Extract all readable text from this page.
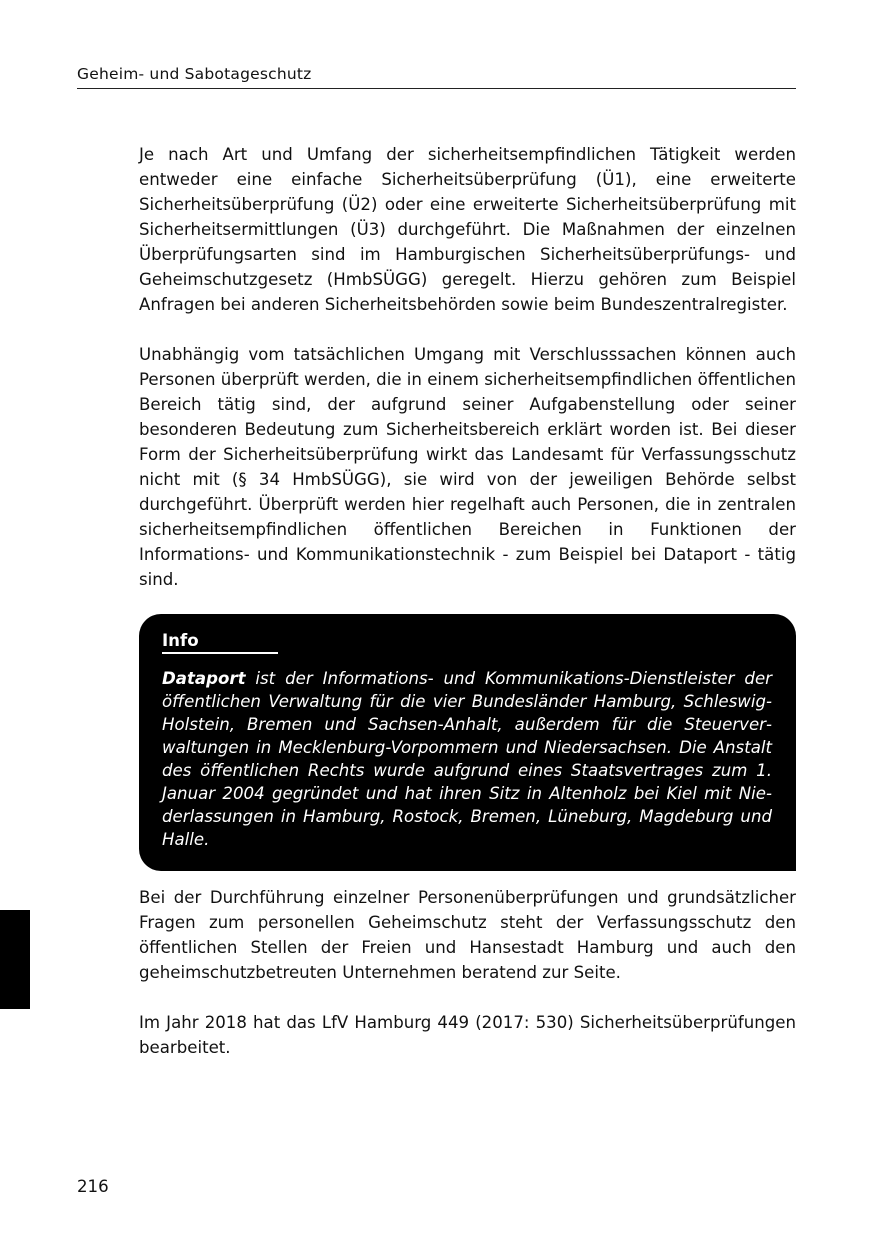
Geheim- und Sabotageschutz

Je nach Art und Umfang der sicherheitsempfindlichen Tätigkeit werden entweder eine einfache Sicherheitsüberprüfung (Ü1), eine erweiterte Sicherheitsüberprüfung (Ü2) oder eine erweiterte Sicherheitsüberprüfung mit Sicherheitsermittlungen (Ü3) durchgeführt. Die Maßnahmen der einzelnen Überprüfungsarten sind im Hamburgischen Sicherheitsüberprüfungs- und Geheimschutzgesetz (HmbSÜGG) geregelt. Hierzu gehören zum Beispiel Anfragen bei anderen Sicherheitsbehörden sowie beim Bundeszentralregister.

Unabhängig vom tatsächlichen Umgang mit Verschlusssachen können auch Personen überprüft werden, die in einem sicherheitsempfindlichen öffentlichen Bereich tätig sind, der aufgrund seiner Aufgabenstellung oder seiner besonderen Bedeutung zum Sicherheitsbereich erklärt worden ist. Bei dieser Form der Sicherheitsüberprüfung wirkt das Landesamt für Verfassungsschutz nicht mit (§ 34 HmbSÜGG), sie wird von der jeweiligen Behörde selbst durchgeführt. Überprüft werden hier regelhaft auch Personen, die in zentralen sicherheitsempfindlichen öffentlichen Bereichen in Funktionen der Informations- und Kommunikationstechnik - zum Beispiel bei Dataport - tätig sind.

Info

Dataport ist der Informations- und Kommunikations-Dienstleister der öffentlichen Verwaltung für die vier Bundesländer Hamburg, Schleswig-Holstein, Bremen und Sachsen-Anhalt, außerdem für die Steuerverwaltungen in Mecklenburg-Vorpommern und Niedersachsen. Die Anstalt des öffentlichen Rechts wurde aufgrund eines Staatsvertrages zum 1. Januar 2004 gegründet und hat ihren Sitz in Altenholz bei Kiel mit Niederlassungen in Hamburg, Rostock, Bremen, Lüneburg, Magdeburg und Halle.

Bei der Durchführung einzelner Personenüberprüfungen und grundsätzlicher Fragen zum personellen Geheimschutz steht der Verfassungsschutz den öffentlichen Stellen der Freien und Hansestadt Hamburg und auch den geheimschutzbetreuten Unternehmen beratend zur Seite.

Im Jahr 2018 hat das LfV Hamburg 449 (2017: 530) Sicherheitsüberprüfungen bearbeitet.

216
